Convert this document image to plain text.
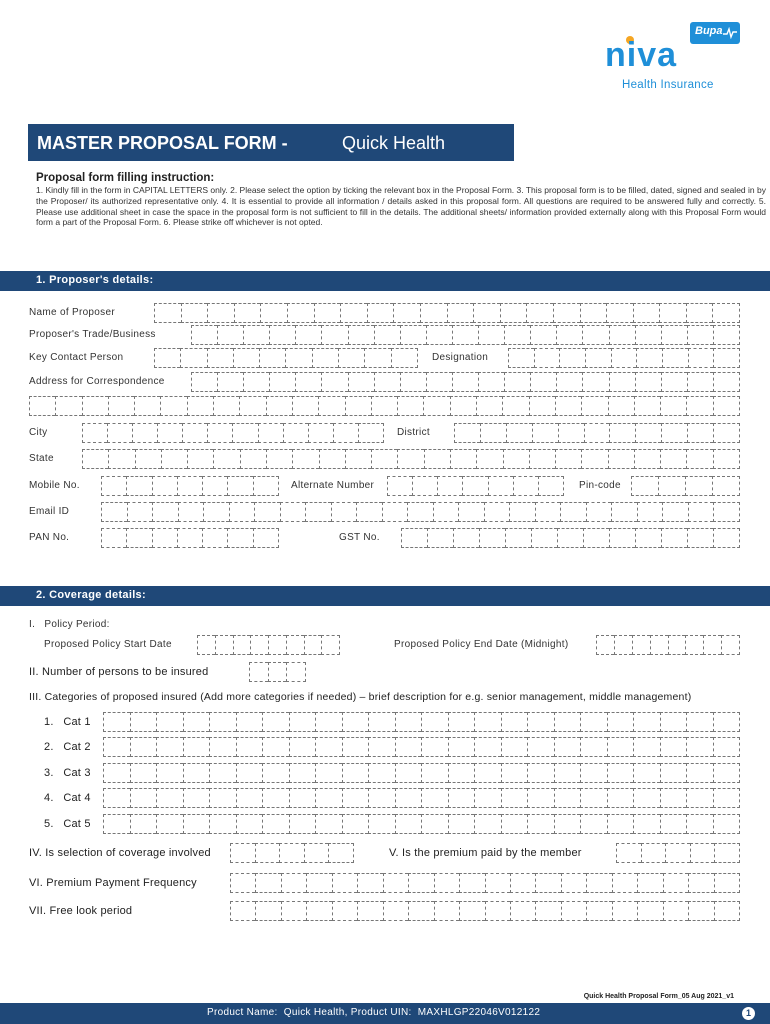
Bupa
niva
Health Insurance
MASTER PROPOSAL FORM -	Quick Health
Proposal form filling instruction:
1. Kindly fill in the form in CAPITAL LETTERS only. 2. Please select the option by ticking the relevant box in the Proposal Form. 3. This proposal form is to be filled, dated, signed and sealed in by the Proposer/ its authorized representative only. 4. It is essential to provide all information / details asked in this proposal form. All questions are required to be answered fully and correctly. 5. Please use additional sheet in case the space in the proposal form is not sufficient to fill in the details. The additional sheets/ information provided externally along with this Proposal Form would form a part of the Proposal Form. 6. Please strike off whichever is not opted.
1. Proposer's details:
Name of Proposer
Proposer's Trade/Business
Key Contact Person	Designation
Address for Correspondence
City	District
State
Mobile No.	Alternate Number	Pin-code
Email ID
PAN No.	GST No.
2. Coverage details:
I.   Policy Period:
Proposed Policy Start Date	Proposed Policy End Date (Midnight)
II. Number of persons to be insured
III. Categories of proposed insured (Add more categories if needed) – brief description for e.g. senior management, middle management)
1.   Cat 1
2.   Cat 2
3.   Cat 3
4.   Cat 4
5.   Cat 5
IV. Is selection of coverage involved	V. Is the premium paid by the member
VI. Premium Payment Frequency
VII. Free look period
Quick Health Proposal Form_05 Aug 2021_v1
Product Name:  Quick Health, Product UIN:  MAXHLGP22046V012122	1
